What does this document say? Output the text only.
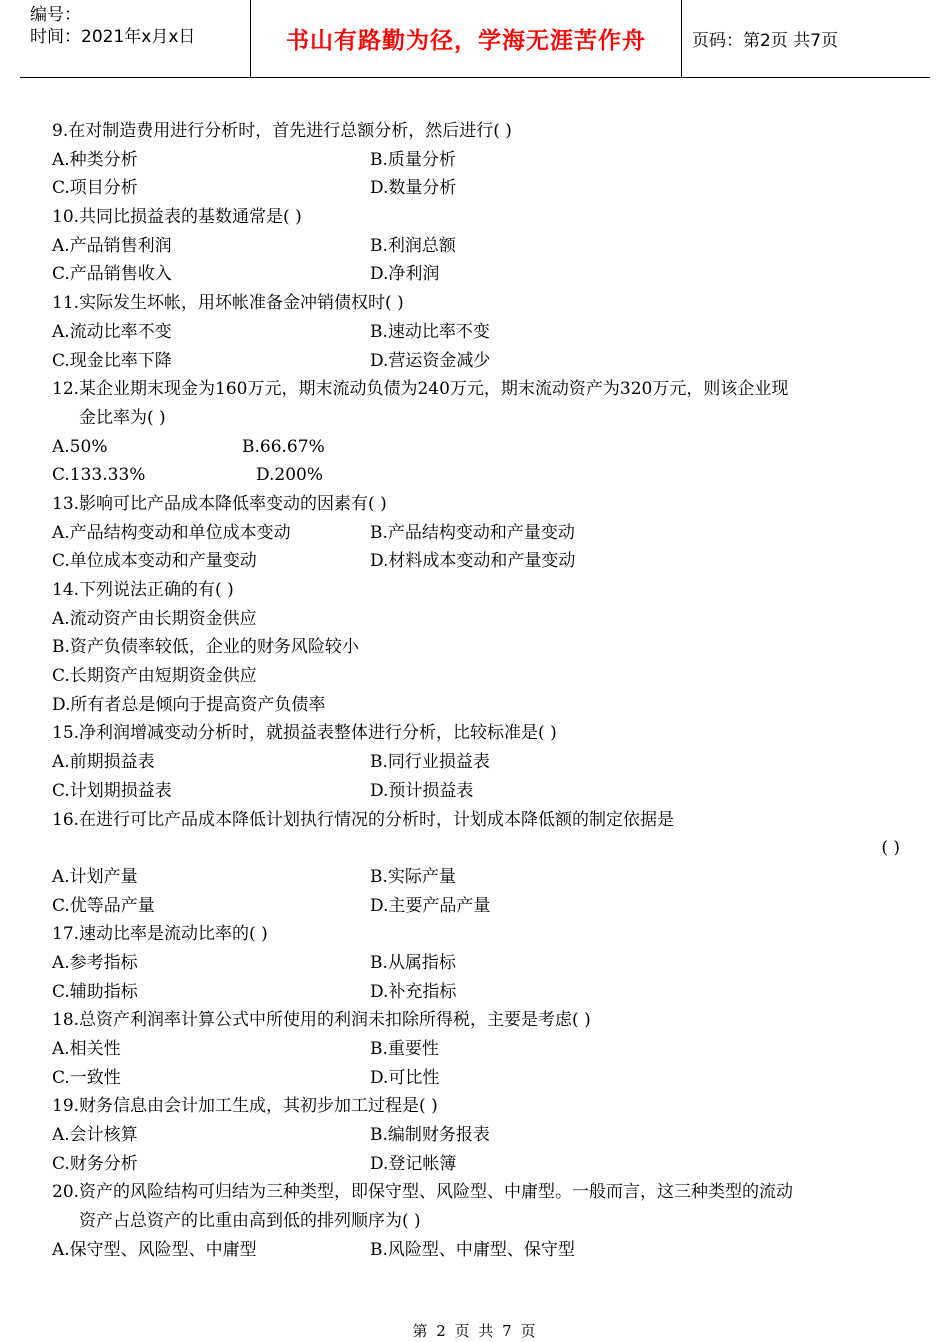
编号：
时间：2021年x月x日	书山有路勤为径，学海无涯苦作舟	页码：第2页 共7页
9.在对制造费用进行分析时，首先进行总额分析，然后进行( )
A.种类分析	B.质量分析
C.项目分析	D.数量分析
10.共同比损益表的基数通常是( )
A.产品销售利润	B.利润总额
C.产品销售收入	D.净利润
11.实际发生坏帐，用坏帐准备金冲销债权时( )
A.流动比率不变	B.速动比率不变
C.现金比率下降	D.营运资金减少
12.某企业期末现金为160万元，期末流动负债为240万元，期末流动资产为320万元，则该企业现
金比率为( )
A.50%	B.66.67%
C.133.33%	D.200%
13.影响可比产品成本降低率变动的因素有( )
A.产品结构变动和单位成本变动	B.产品结构变动和产量变动
C.单位成本变动和产量变动	D.材料成本变动和产量变动
14.下列说法正确的有( )
A.流动资产由长期资金供应
B.资产负债率较低，企业的财务风险较小
C.长期资产由短期资金供应
D.所有者总是倾向于提高资产负债率
15.净利润增减变动分析时，就损益表整体进行分析，比较标准是( )
A.前期损益表	B.同行业损益表
C.计划期损益表	D.预计损益表
16.在进行可比产品成本降低计划执行情况的分析时，计划成本降低额的制定依据是
( )
A.计划产量	B.实际产量
C.优等品产量	D.主要产品产量
17.速动比率是流动比率的( )
A.参考指标	B.从属指标
C.辅助指标	D.补充指标
18.总资产利润率计算公式中所使用的利润未扣除所得税，主要是考虑( )
A.相关性	B.重要性
C.一致性	D.可比性
19.财务信息由会计加工生成，其初步加工过程是( )
A.会计核算	B.编制财务报表
C.财务分析	D.登记帐簿
20.资产的风险结构可归结为三种类型，即保守型、风险型、中庸型。一般而言，这三种类型的流动
资产占总资产的比重由高到低的排列顺序为( )
A.保守型、风险型、中庸型	B.风险型、中庸型、保守型
第 2 页 共 7 页
